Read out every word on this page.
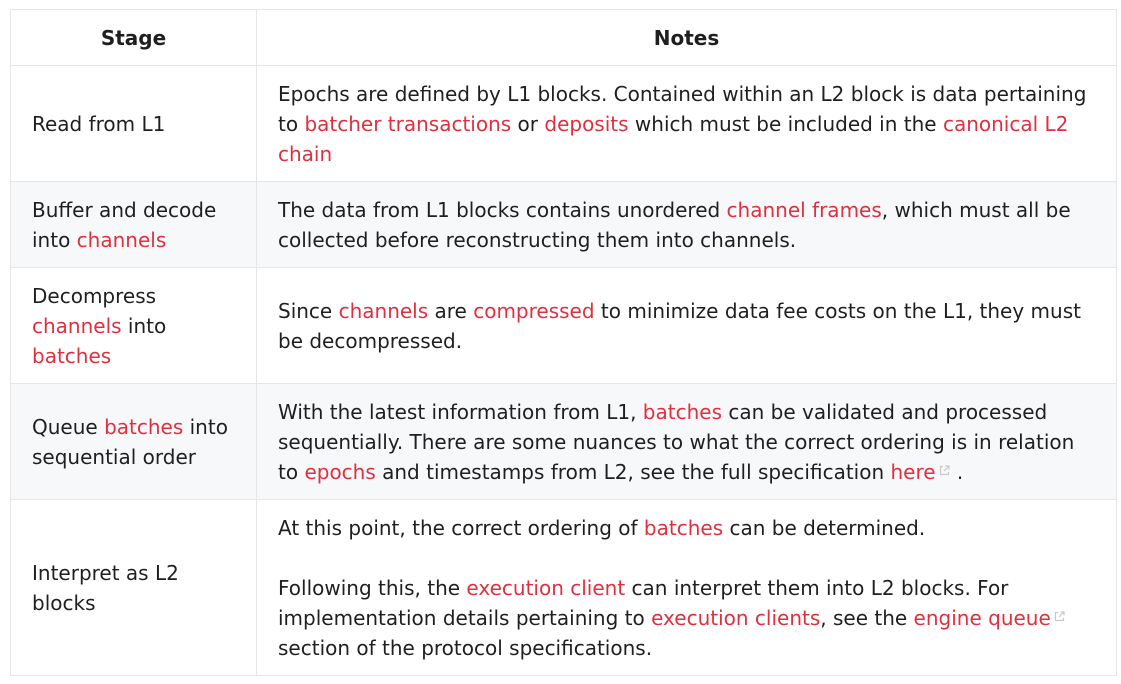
Stage	Notes
Read from L1	Epochs are defined by L1 blocks. Contained within an L2 block is data pertaining to batcher transactions or deposits which must be included in the canonical L2 chain
Buffer and decode into channels	The data from L1 blocks contains unordered channel frames, which must all be collected before reconstructing them into channels.
Decompress channels into batches	Since channels are compressed to minimize data fee costs on the L1, they must be decompressed.
Queue batches into sequential order	With the latest information from L1, batches can be validated and processed sequentially. There are some nuances to what the correct ordering is in relation to epochs and timestamps from L2, see the full specification here .
Interpret as L2 blocks	At this point, the correct ordering of batches can be determined.

Following this, the execution client can interpret them into L2 blocks. For implementation details pertaining to execution clients, see the engine queue section of the protocol specifications.
